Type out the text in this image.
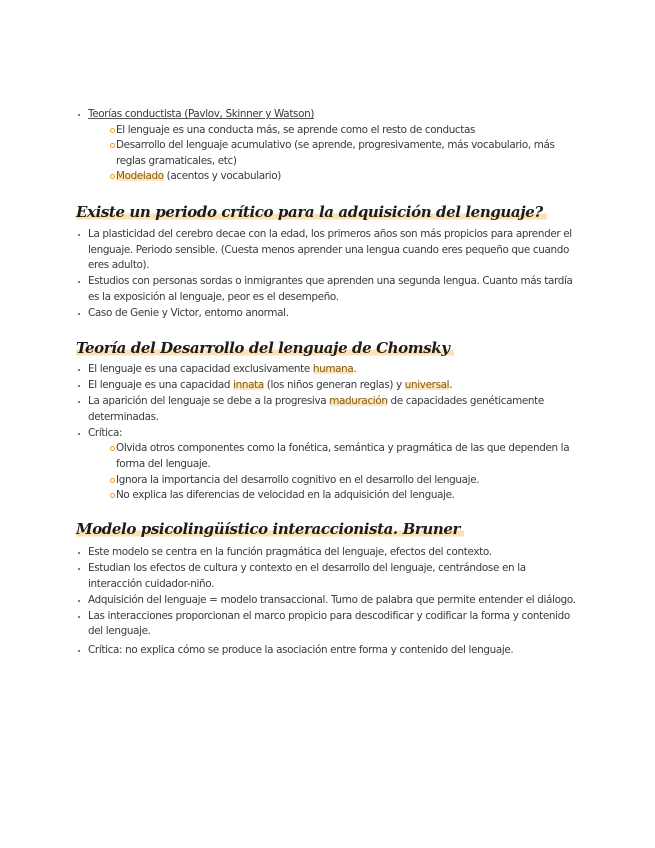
Teorías conductista (Pavlov, Skinner y Watson)
El lenguaje es una conducta más, se aprende como el resto de conductas
Desarrollo del lenguaje acumulativo (se aprende, progresivamente, más vocabulario, más reglas gramaticales, etc)
Modelado (acentos y vocabulario)
Existe un periodo crítico para la adquisición del lenguaje?
La plasticidad del cerebro decae con la edad, los primeros años son más propicios para aprender el lenguaje. Periodo sensible. (Cuesta menos aprender una lengua cuando eres pequeño que cuando eres adulto).
Estudios con personas sordas o inmigrantes que aprenden una segunda lengua. Cuanto más tardía es la exposición al lenguaje, peor es el desempeño.
Caso de Genie y Victor, entorno anormal.
Teoría del Desarrollo del lenguaje de Chomsky
El lenguaje es una capacidad exclusivamente humana.
El lenguaje es una capacidad innata (los niños generan reglas) y universal.
La aparición del lenguaje se debe a la progresiva maduración de capacidades genéticamente determinadas.
Crítica:
Olvida otros componentes como la fonética, semántica y pragmática de las que dependen la forma del lenguaje.
Ignora la importancia del desarrollo cognitivo en el desarrollo del lenguaje.
No explica las diferencias de velocidad en la adquisición del lenguaje.
Modelo psicolingüístico interaccionista. Bruner
Este modelo se centra en la función pragmática del lenguaje, efectos del contexto.
Estudian los efectos de cultura y contexto en el desarrollo del lenguaje, centrándose en la interacción cuidador-niño.
Adquisición del lenguaje = modelo transaccional. Turno de palabra que permite entender el diálogo.
Las interacciones proporcionan el marco propicio para descodificar y codificar la forma y contenido del lenguaje.
Crítica: no explica cómo se produce la asociación entre forma y contenido del lenguaje.
